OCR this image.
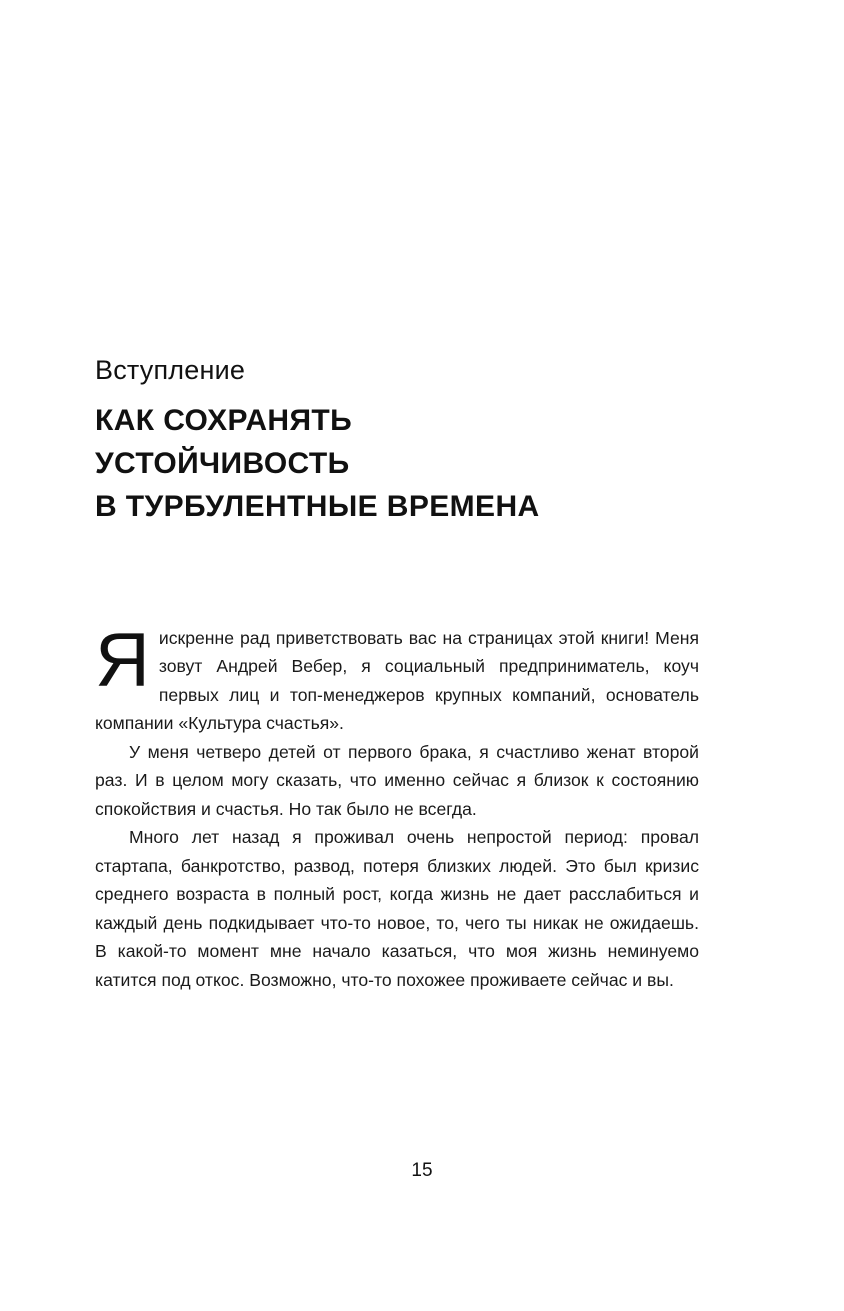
Вступление

КАК СОХРАНЯТЬ
УСТОЙЧИВОСТЬ
В ТУРБУЛЕНТНЫЕ ВРЕМЕНА
Я искренне рад приветствовать вас на страницах этой книги! Меня зовут Андрей Вебер, я социальный предприниматель, коуч первых лиц и топ-менеджеров крупных компаний, основатель компании «Культура счастья».

У меня четверо детей от первого брака, я счастливо женат второй раз. И в целом могу сказать, что именно сейчас я близок к состоянию спокойствия и счастья. Но так было не всегда.

Много лет назад я проживал очень непростой период: провал стартапа, банкротство, развод, потеря близких людей. Это был кризис среднего возраста в полный рост, когда жизнь не дает расслабиться и каждый день подкидывает что-то новое, то, чего ты никак не ожидаешь. В какой-то момент мне начало казаться, что моя жизнь неминуемо катится под откос. Возможно, что-то похожее проживаете сейчас и вы.

15
